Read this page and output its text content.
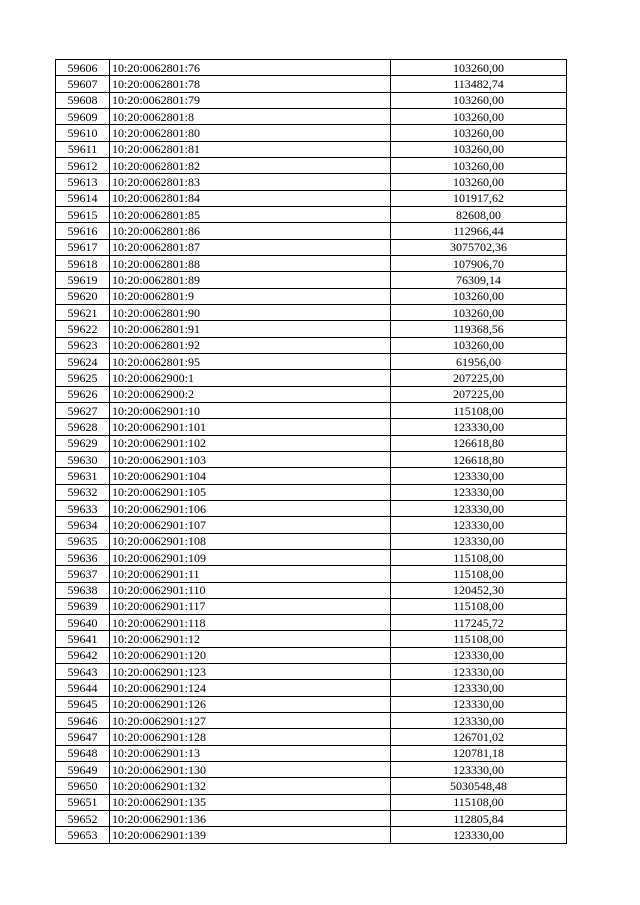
59606	10:20:0062801:76	103260,00
59607	10:20:0062801:78	113482,74
59608	10:20:0062801:79	103260,00
59609	10:20:0062801:8	103260,00
59610	10:20:0062801:80	103260,00
59611	10:20:0062801:81	103260,00
59612	10:20:0062801:82	103260,00
59613	10:20:0062801:83	103260,00
59614	10:20:0062801:84	101917,62
59615	10:20:0062801:85	82608,00
59616	10:20:0062801:86	112966,44
59617	10:20:0062801:87	3075702,36
59618	10:20:0062801:88	107906,70
59619	10:20:0062801:89	76309,14
59620	10:20:0062801:9	103260,00
59621	10:20:0062801:90	103260,00
59622	10:20:0062801:91	119368,56
59623	10:20:0062801:92	103260,00
59624	10:20:0062801:95	61956,00
59625	10:20:0062900:1	207225,00
59626	10:20:0062900:2	207225,00
59627	10:20:0062901:10	115108,00
59628	10:20:0062901:101	123330,00
59629	10:20:0062901:102	126618,80
59630	10:20:0062901:103	126618,80
59631	10:20:0062901:104	123330,00
59632	10:20:0062901:105	123330,00
59633	10:20:0062901:106	123330,00
59634	10:20:0062901:107	123330,00
59635	10:20:0062901:108	123330,00
59636	10:20:0062901:109	115108,00
59637	10:20:0062901:11	115108,00
59638	10:20:0062901:110	120452,30
59639	10:20:0062901:117	115108,00
59640	10:20:0062901:118	117245,72
59641	10:20:0062901:12	115108,00
59642	10:20:0062901:120	123330,00
59643	10:20:0062901:123	123330,00
59644	10:20:0062901:124	123330,00
59645	10:20:0062901:126	123330,00
59646	10:20:0062901:127	123330,00
59647	10:20:0062901:128	126701,02
59648	10:20:0062901:13	120781,18
59649	10:20:0062901:130	123330,00
59650	10:20:0062901:132	5030548,48
59651	10:20:0062901:135	115108,00
59652	10:20:0062901:136	112805,84
59653	10:20:0062901:139	123330,00
